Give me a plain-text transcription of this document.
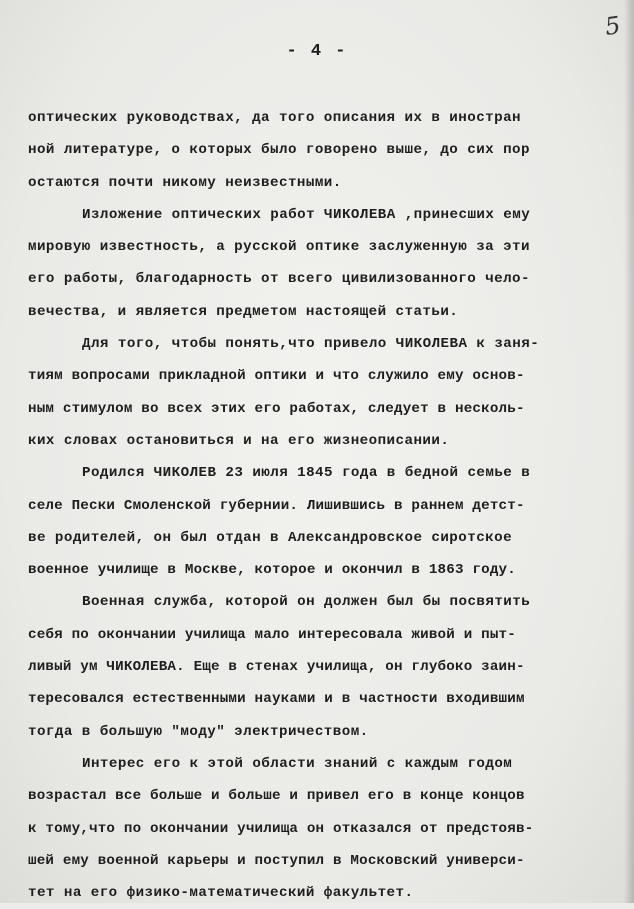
- 4 -
5
оптических руководствах, да того описания их в иностран
ной литературе, о которых было говорено выше, до сих пор
остаются почти никому неизвестными.
Изложение оптических работ ЧИКОЛЕВА ,принесших ему
мировую известность, а русской оптике заслуженную за эти
его работы, благодарность от всего цивилизованного чело-
вечества, и является предметом настоящей статьи.
Для того, чтобы понять,что привело ЧИКОЛЕВА к заня-
тиям вопросами прикладной оптики и что служило ему основ-
ным стимулом во всех этих его работах, следует в несколь-
ких словах остановиться и на его жизнеописании.
Родился ЧИКОЛЕВ 23 июля 1845 года в бедной семье в
селе Пески Смоленской губернии. Лишившись в раннем детст-
ве родителей, он был отдан в Александровское сиротское
военное училище в Москве, которое и окончил в 1863 году.
Военная служба, которой он должен был бы посвятить
себя по окончании училища мало интересовала живой и пыт-
ливый ум ЧИКОЛЕВА. Еще в стенах училища, он глубоко заин-
тересовался естественными науками и в частности входившим
тогда в большую "моду" электричеством.
Интерес его к этой области знаний с каждым годом
возрастал все больше и больше и привел его в конце концов
к тому,что по окончании училища он отказался от предстояв-
шей ему военной карьеры и поступил в Московский универси-
тет на его физико-математический факультет.
